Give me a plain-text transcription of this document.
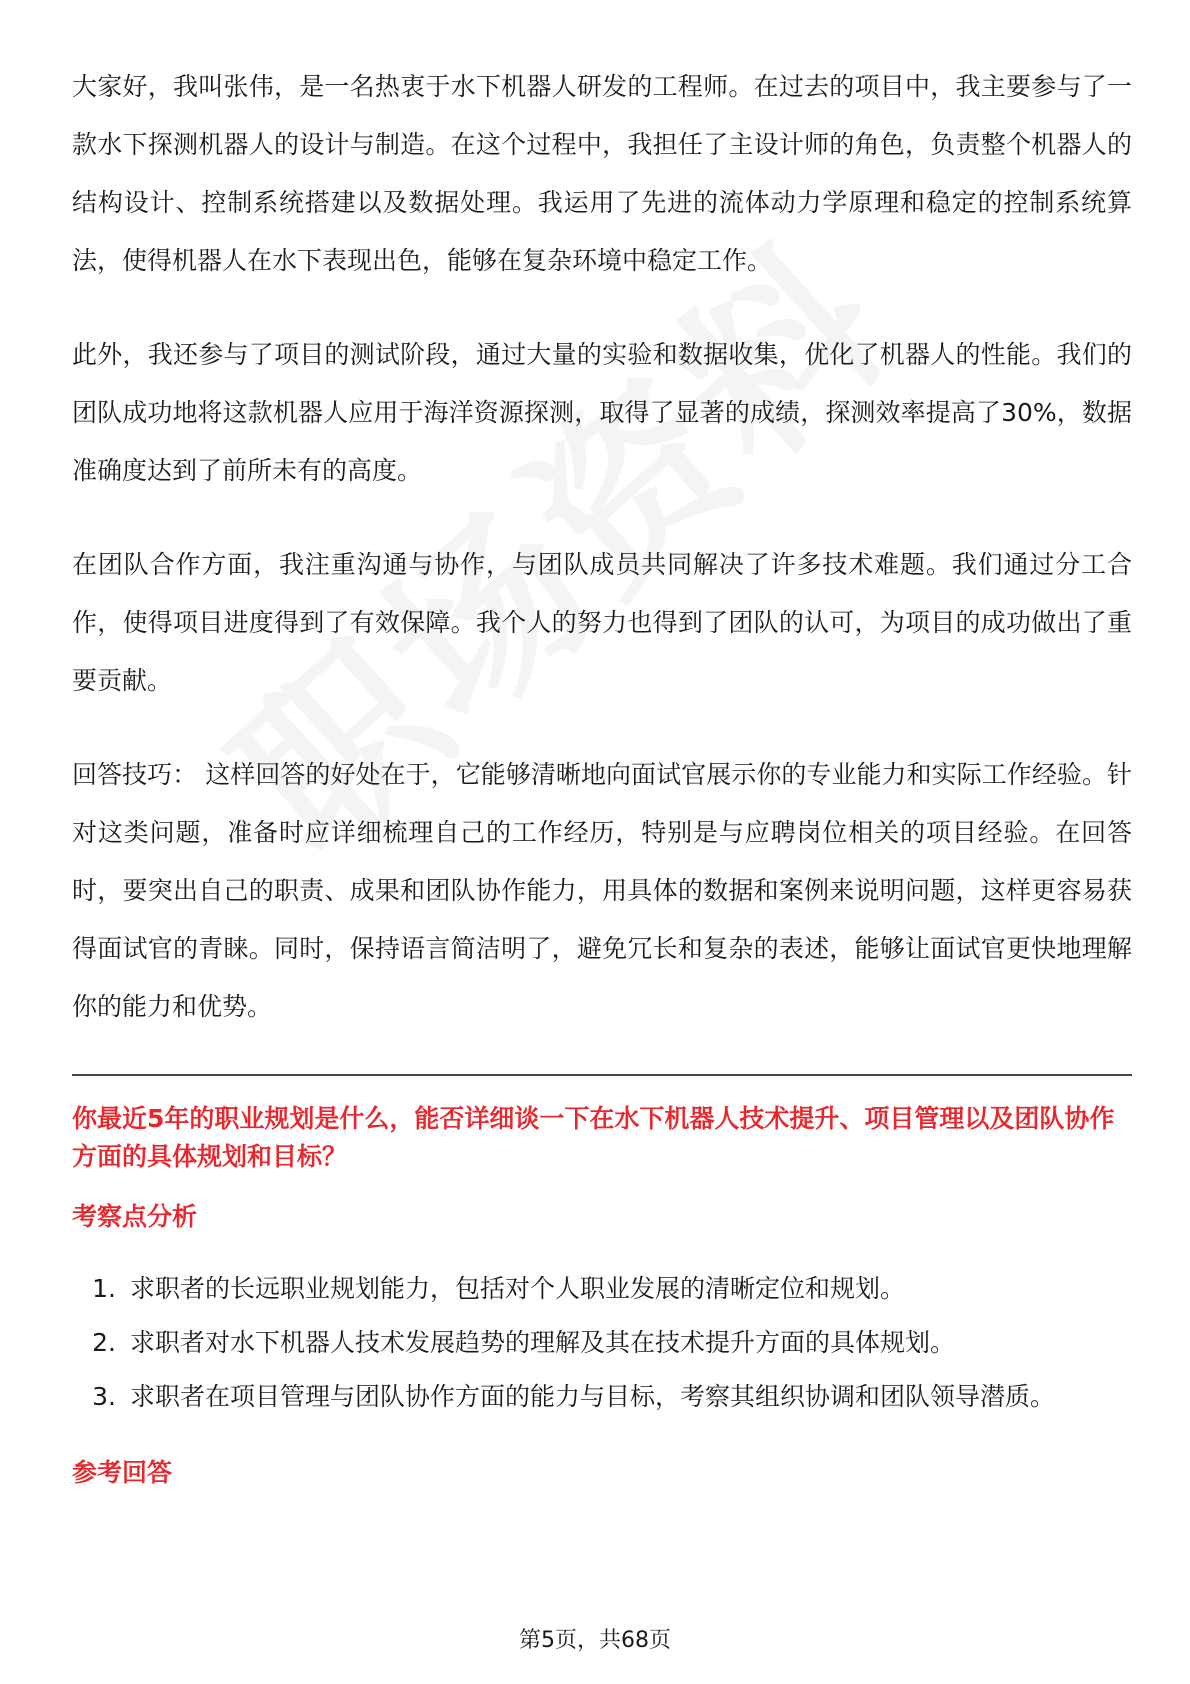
大家好，我叫张伟，是一名热衷于水下机器人研发的工程师。在过去的项目中，我主要参与了一款水下探测机器人的设计与制造。在这个过程中，我担任了主设计师的角色，负责整个机器人的结构设计、控制系统搭建以及数据处理。我运用了先进的流体动力学原理和稳定的控制系统算法，使得机器人在水下表现出色，能够在复杂环境中稳定工作。

此外，我还参与了项目的测试阶段，通过大量的实验和数据收集，优化了机器人的性能。我们的团队成功地将这款机器人应用于海洋资源探测，取得了显著的成绩，探测效率提高了30%，数据准确度达到了前所未有的高度。

在团队合作方面，我注重沟通与协作，与团队成员共同解决了许多技术难题。我们通过分工合作，使得项目进度得到了有效保障。我个人的努力也得到了团队的认可，为项目的成功做出了重要贡献。

回答技巧： 这样回答的好处在于，它能够清晰地向面试官展示你的专业能力和实际工作经验。针对这类问题，准备时应详细梳理自己的工作经历，特别是与应聘岗位相关的项目经验。在回答时，要突出自己的职责、成果和团队协作能力，用具体的数据和案例来说明问题，这样更容易获得面试官的青睐。同时，保持语言简洁明了，避免冗长和复杂的表述，能够让面试官更快地理解你的能力和优势。

你最近5年的职业规划是什么，能否详细谈一下在水下机器人技术提升、项目管理以及团队协作方面的具体规划和目标？
考察点分析
1. 求职者的长远职业规划能力，包括对个人职业发展的清晰定位和规划。
2. 求职者对水下机器人技术发展趋势的理解及其在技术提升方面的具体规划。
3. 求职者在项目管理与团队协作方面的能力与目标，考察其组织协调和团队领导潜质。
参考回答
第5页，共68页
